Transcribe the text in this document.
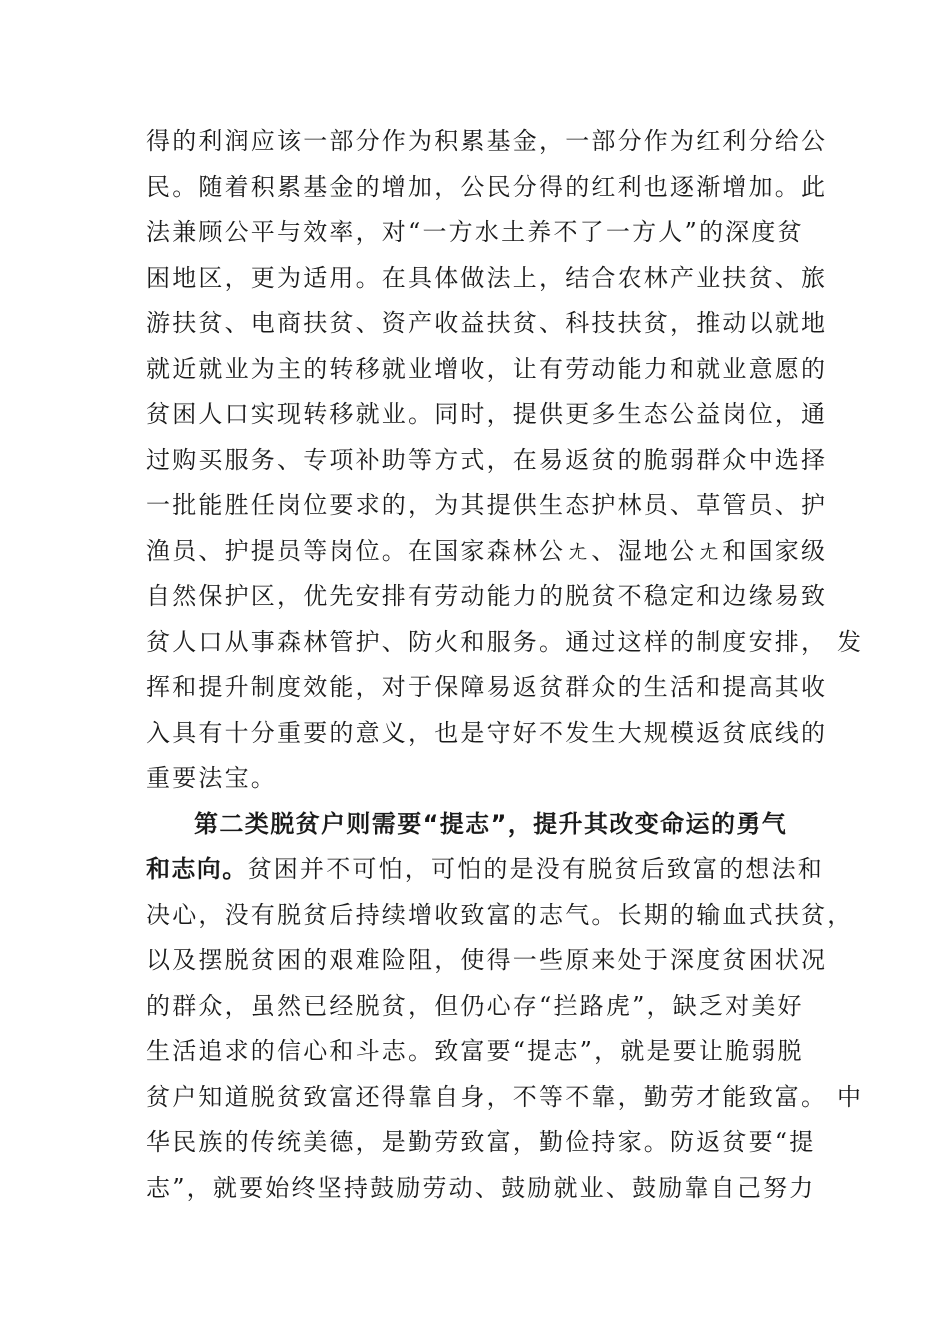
得的利润应该一部分作为积累基金，一部分作为红利分给公
民。随着积累基金的增加，公民分得的红利也逐渐增加。此
法兼顾公平与效率，对“一方水土养不了一方人”的深度贫
困地区，更为适用。在具体做法上，结合农林产业扶贫、旅
游扶贫、电商扶贫、资产收益扶贫、科技扶贫，推动以就地
就近就业为主的转移就业增收，让有劳动能力和就业意愿的
贫困人口实现转移就业。同时，提供更多生态公益岗位，通
过购买服务、专项补助等方式，在易返贫的脆弱群众中选择
一批能胜任岗位要求的，为其提供生态护林员、草管员、护
渔员、护提员等岗位。在国家森林公ㄤ、湿地公ㄤ和国家级
自然保护区，优先安排有劳动能力的脱贫不稳定和边缘易致
贫人口从事森林管护、防火和服务。通过这样的制度安排， 发
挥和提升制度效能，对于保障易返贫群众的生活和提高其收
入具有十分重要的意义，也是守好不发生大规模返贫底线的
重要法宝。
第二类脱贫户则需要“提志”，提升其改变命运的勇气
和志向。贫困并不可怕，可怕的是没有脱贫后致富的想法和
决心，没有脱贫后持续增收致富的志气。长期的输血式扶贫，
以及摆脱贫困的艰难险阻，使得一些原来处于深度贫困状况
的群众，虽然已经脱贫，但仍心存“拦路虎”，缺乏对美好
生活追求的信心和斗志。致富要“提志”，就是要让脆弱脱
贫户知道脱贫致富还得靠自身，不等不靠，勤劳才能致富。 中
华民族的传统美德，是勤劳致富，勤俭持家。防返贫要“提
志”，就要始终坚持鼓励劳动、鼓励就业、鼓励靠自己努力
